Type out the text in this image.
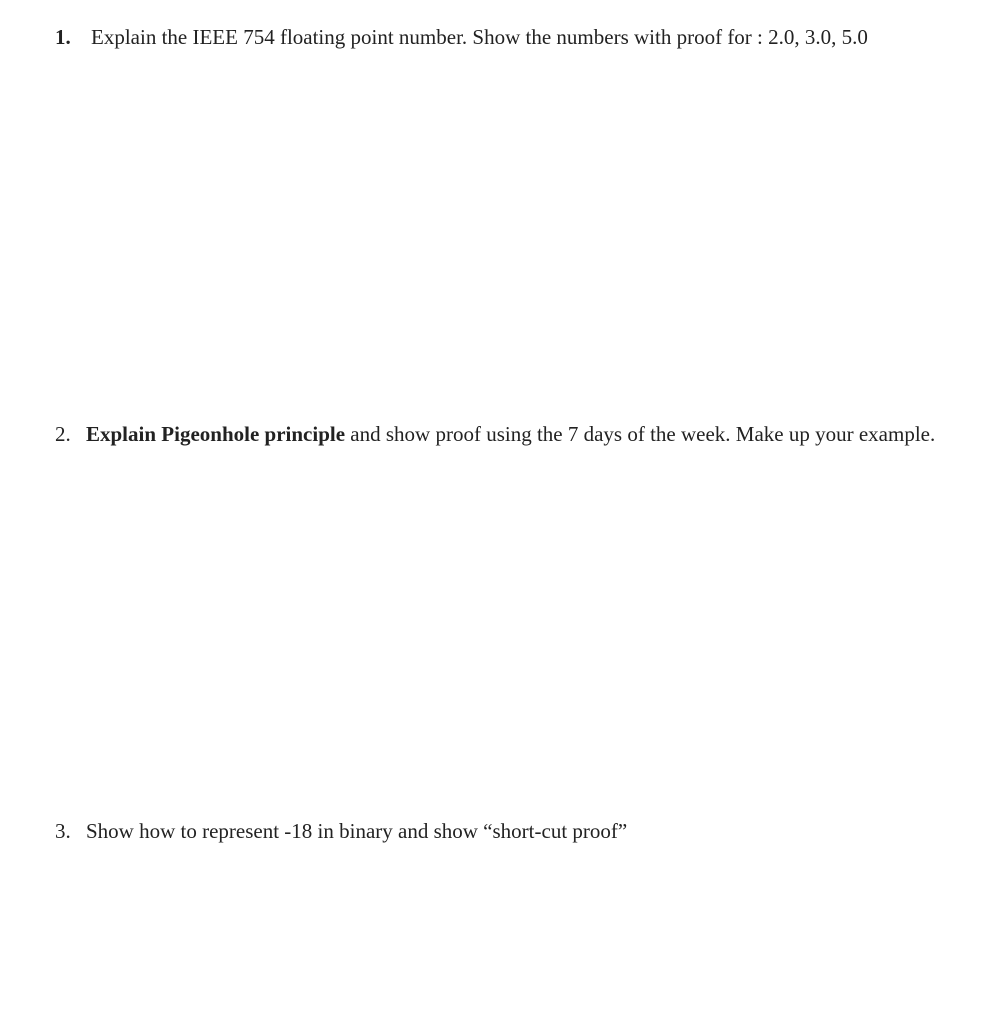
1. Explain the IEEE 754 floating point number. Show the numbers with proof for : 2.0, 3.0, 5.0
2. Explain Pigeonhole principle and show proof using the 7 days of the week. Make up your example.
3. Show how to represent -18 in binary and show “short-cut proof”
